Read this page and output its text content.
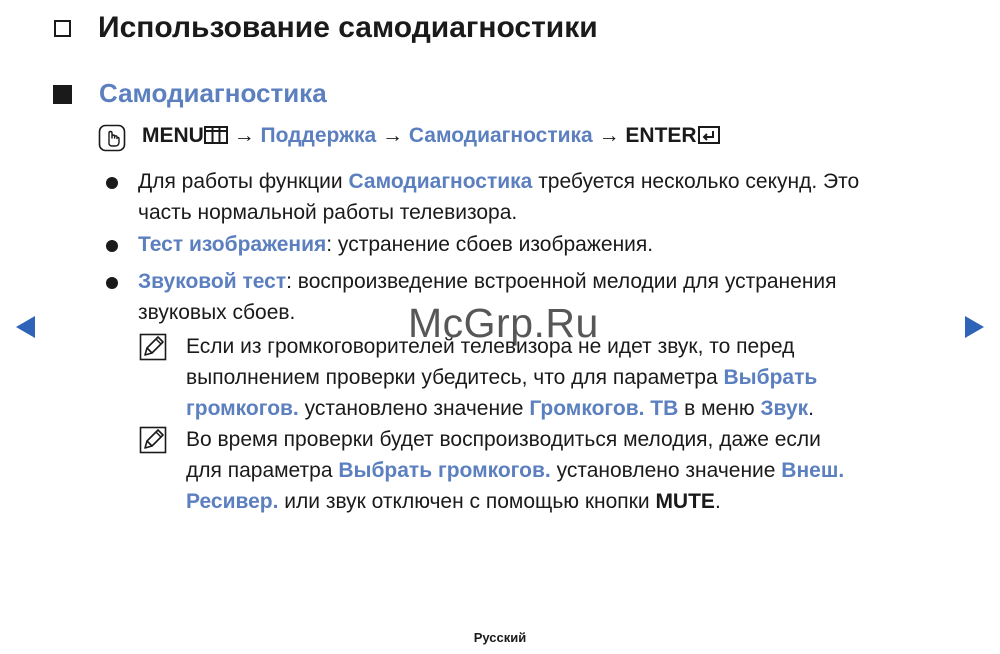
Использование самодиагностики
Самодиагностика
MENU → Поддержка → Самодиагностика → ENTER
Для работы функции Самодиагностика требуется несколько секунд. Это
часть нормальной работы телевизора.
Тест изображения: устранение сбоев изображения.
Звуковой тест: воспроизведение встроенной мелодии для устранения
звуковых сбоев.
Если из громкоговорителей телевизора не идет звук, то перед
выполнением проверки убедитесь, что для параметра Выбрать
громкогов. установлено значение Громкогов. ТВ в меню Звук.
Во время проверки будет воспроизводиться мелодия, даже если
для параметра Выбрать громкогов. установлено значение Внеш.
Ресивер. или звук отключен с помощью кнопки MUTE.
McGrp.Ru
Русский
